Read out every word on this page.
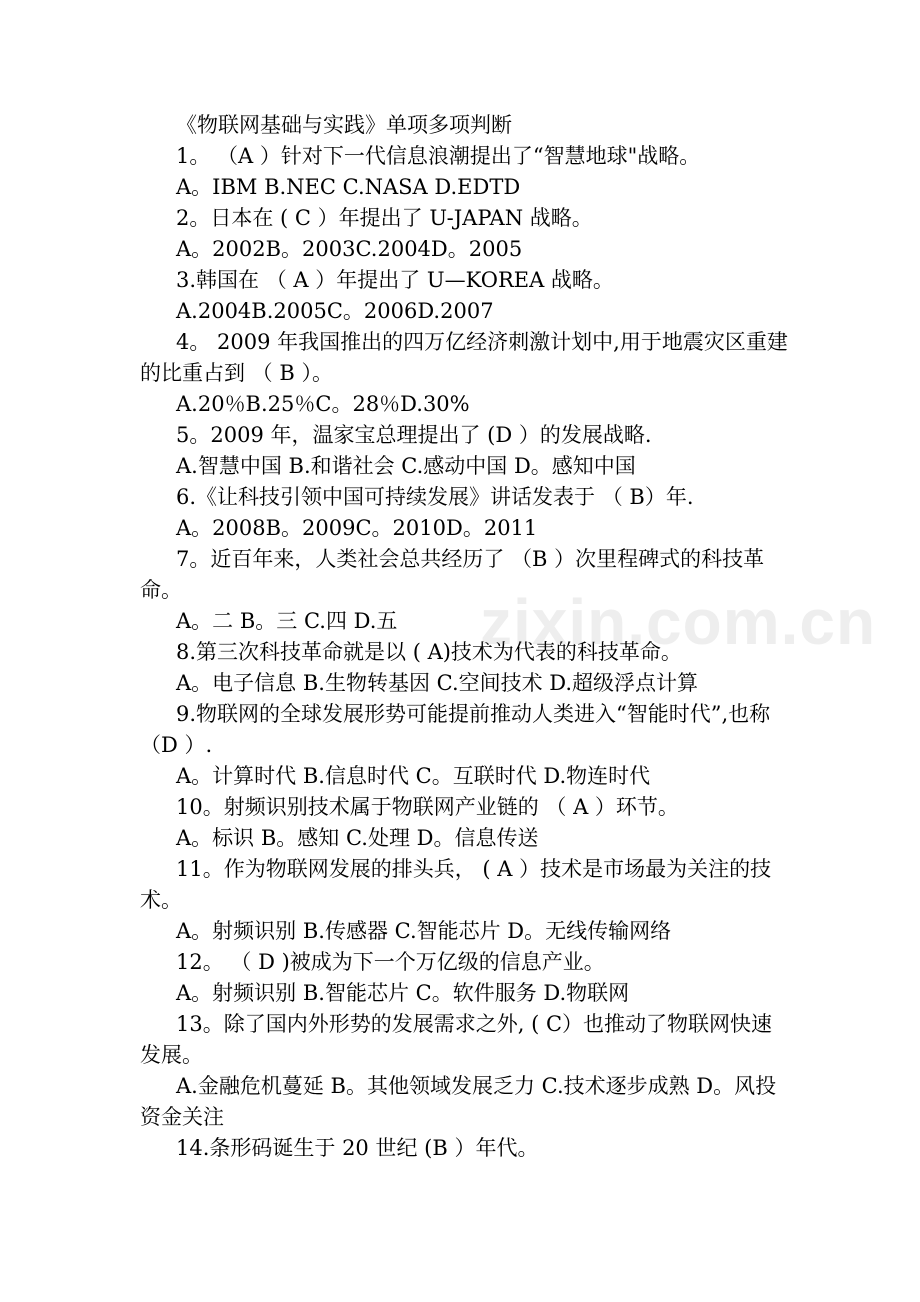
《物联网基础与实践》单项多项判断

1。 （A ）针对下一代信息浪潮提出了“智慧地球"战略。

A。IBM B.NEC C.NASA D.EDTD

2。日本在 ( C ）年提出了 U-JAPAN 战略。

A。2002B。2003C.2004D。2005

3.韩国在 （ A ）年提出了 U—KOREA 战略。

A.2004B.2005C。2006D.2007

4。 2009 年我国推出的四万亿经济刺激计划中,用于地震灾区重建的比重占到 （ B ）。

A.20％B.25％C。28％D.30%

5。2009 年，温家宝总理提出了 (D ）的发展战略.

A.智慧中国 B.和谐社会 C.感动中国 D。感知中国

6.《让科技引领中国可持续发展》讲话发表于 （ B）年.

A。2008B。2009C。2010D。2011

7。近百年来，人类社会总共经历了 （B ）次里程碑式的科技革命。

A。二 B。三 C.四 D.五

8.第三次科技革命就是以 ( A)技术为代表的科技革命。

A。电子信息 B.生物转基因 C.空间技术 D.超级浮点计算

9.物联网的全球发展形势可能提前推动人类进入“智能时代”,也称 （D ）.

A。计算时代 B.信息时代 C。互联时代 D.物连时代

10。射频识别技术属于物联网产业链的 （ A ）环节。

A。标识 B。感知 C.处理 D。信息传送

11。作为物联网发展的排头兵， ( A ）技术是市场最为关注的技术。

A。射频识别 B.传感器 C.智能芯片 D。无线传输网络

12。 （ D )被成为下一个万亿级的信息产业。

A。射频识别 B.智能芯片 C。软件服务 D.物联网

13。除了国内外形势的发展需求之外, ( C）也推动了物联网快速发展。

A.金融危机蔓延 B。其他领域发展乏力 C.技术逐步成熟 D。风投资金关注

14.条形码诞生于 20 世纪 (B ）年代。

zixin.com.cn
